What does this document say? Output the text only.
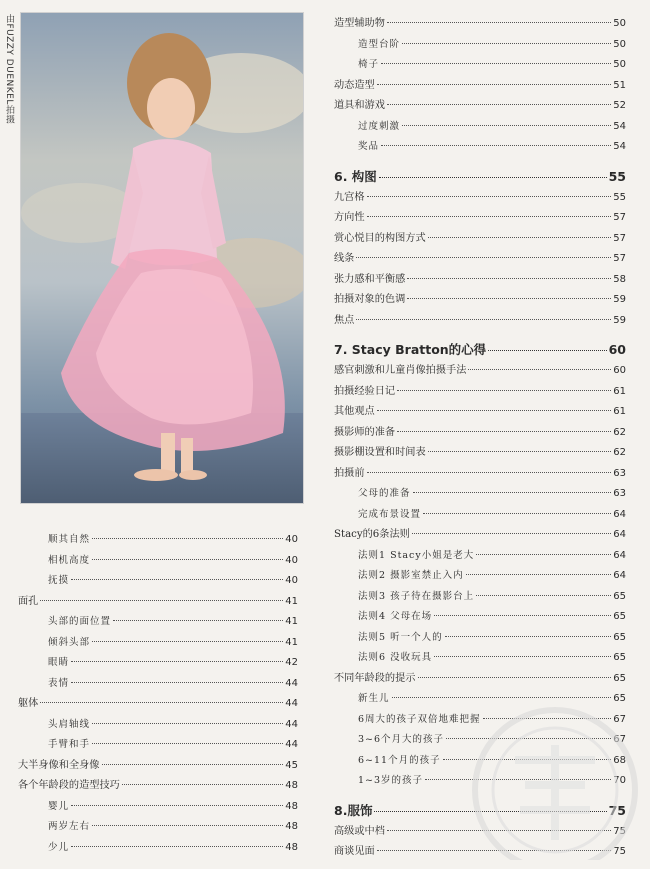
由FUZZY DUENKEL拍摄
顺其自然	40
相机高度	40
抚摸	40
面孔	41
头部的面位置	41
倾斜头部	41
眼睛	42
表情	44
躯体	44
头肩轴线	44
手臂和手	44
大半身像和全身像	45
各个年龄段的造型技巧	48
婴儿	48
两岁左右	48
少儿	48
造型辅助物	50
造型台阶	50
椅子	50
动态造型	51
道具和游戏	52
过度刺激	54
奖品	54
6. 构图	55
九宫格	55
方向性	57
赏心悦目的构图方式	57
线条	57
张力感和平衡感	58
拍摄对象的色调	59
焦点	59
7. Stacy Bratton的心得	60
感官刺激和儿童肖像拍摄手法	60
拍摄经验日记	61
其他观点	61
摄影师的准备	62
摄影棚设置和时间表	62
拍摄前	63
父母的准备	63
完成布景设置	64
Stacy的6条法则	64
法则1 Stacy小姐是老大	64
法则2 摄影室禁止入内	64
法则3 孩子待在摄影台上	65
法则4 父母在场	65
法则5 听一个人的	65
法则6 没收玩具	65
不同年龄段的提示	65
新生儿	65
6周大的孩子双倍地难把握	67
3~6个月大的孩子	67
6~11个月的孩子	68
1~3岁的孩子	70
8.服饰	75
高级或中档	75
商谈见面	75
